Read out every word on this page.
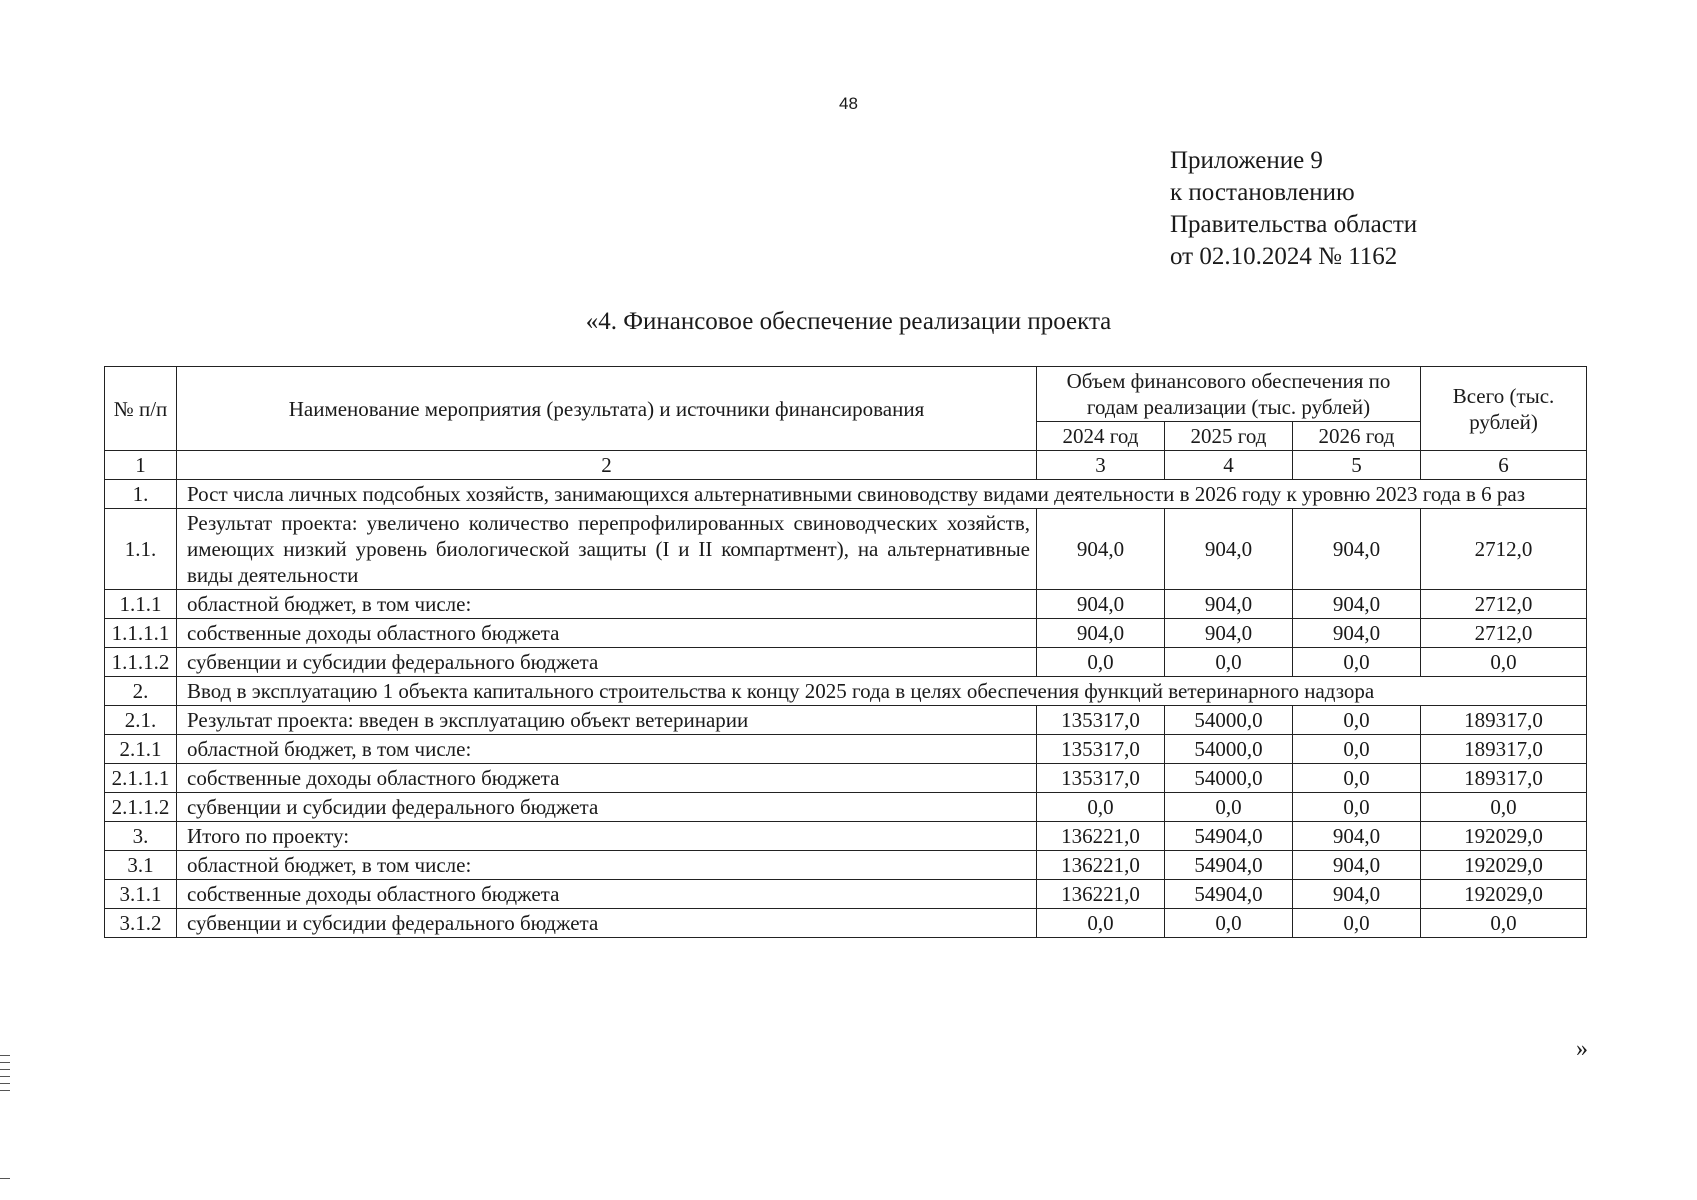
48
Приложение 9
к постановлению
Правительства области
от 02.10.2024 № 1162
«4. Финансовое обеспечение реализации проекта
№ п/п	Наименование мероприятия (результата) и источники финансирования	Объем финансового обеспечения по годам реализации (тыс. рублей)			Всего (тыс. рублей)
		2024 год	2025 год	2026 год	
1	2	3	4	5	6
1.	Рост числа личных подсобных хозяйств, занимающихся альтернативными свиноводству видами деятельности в 2026 году к уровню 2023 года в 6 раз				
1.1.	Результат проекта: увеличено количество перепрофилированных свиноводческих хозяйств, имеющих низкий уровень биологической защиты (I и II компартмент), на альтернативные виды деятельности	904,0	904,0	904,0	2712,0
1.1.1	областной бюджет, в том числе:	904,0	904,0	904,0	2712,0
1.1.1.1	собственные доходы областного бюджета	904,0	904,0	904,0	2712,0
1.1.1.2	субвенции и субсидии федерального бюджета	0,0	0,0	0,0	0,0
2.	Ввод в эксплуатацию 1 объекта капитального строительства к концу 2025 года в целях обеспечения функций ветеринарного надзора				
2.1.	Результат проекта: введен в эксплуатацию объект ветеринарии	135317,0	54000,0	0,0	189317,0
2.1.1	областной бюджет, в том числе:	135317,0	54000,0	0,0	189317,0
2.1.1.1	собственные доходы областного бюджета	135317,0	54000,0	0,0	189317,0
2.1.1.2	субвенции и субсидии федерального бюджета	0,0	0,0	0,0	0,0
3.	Итого по проекту:	136221,0	54904,0	904,0	192029,0
3.1	областной бюджет, в том числе:	136221,0	54904,0	904,0	192029,0
3.1.1	собственные доходы областного бюджета	136221,0	54904,0	904,0	192029,0
3.1.2	субвенции и субсидии федерального бюджета	0,0	0,0	0,0	0,0
»
